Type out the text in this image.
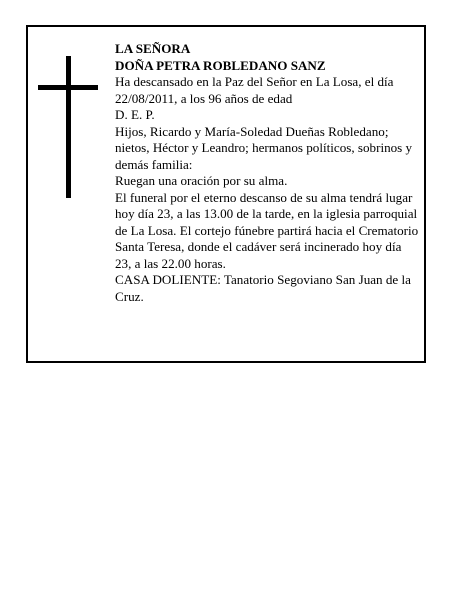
LA SEÑORA

DOÑA PETRA ROBLEDANO SANZ

Ha descansado en la Paz del Señor en La Losa, el día 22/08/2011, a los 96 años de edad

D. E. P.

Hijos, Ricardo y María-Soledad Dueñas Robledano; nietos, Héctor y Leandro; hermanos políticos, sobrinos y demás familia:

Ruegan una oración por su alma.

El funeral por el eterno descanso de su alma tendrá lugar hoy día 23, a las 13.00 de la tarde, en la iglesia parroquial de La Losa. El cortejo fúnebre partirá hacia el Crematorio Santa Teresa, donde el cadáver será incinerado hoy día 23, a las 22.00 horas.

CASA DOLIENTE: Tanatorio Segoviano San Juan de la Cruz.
